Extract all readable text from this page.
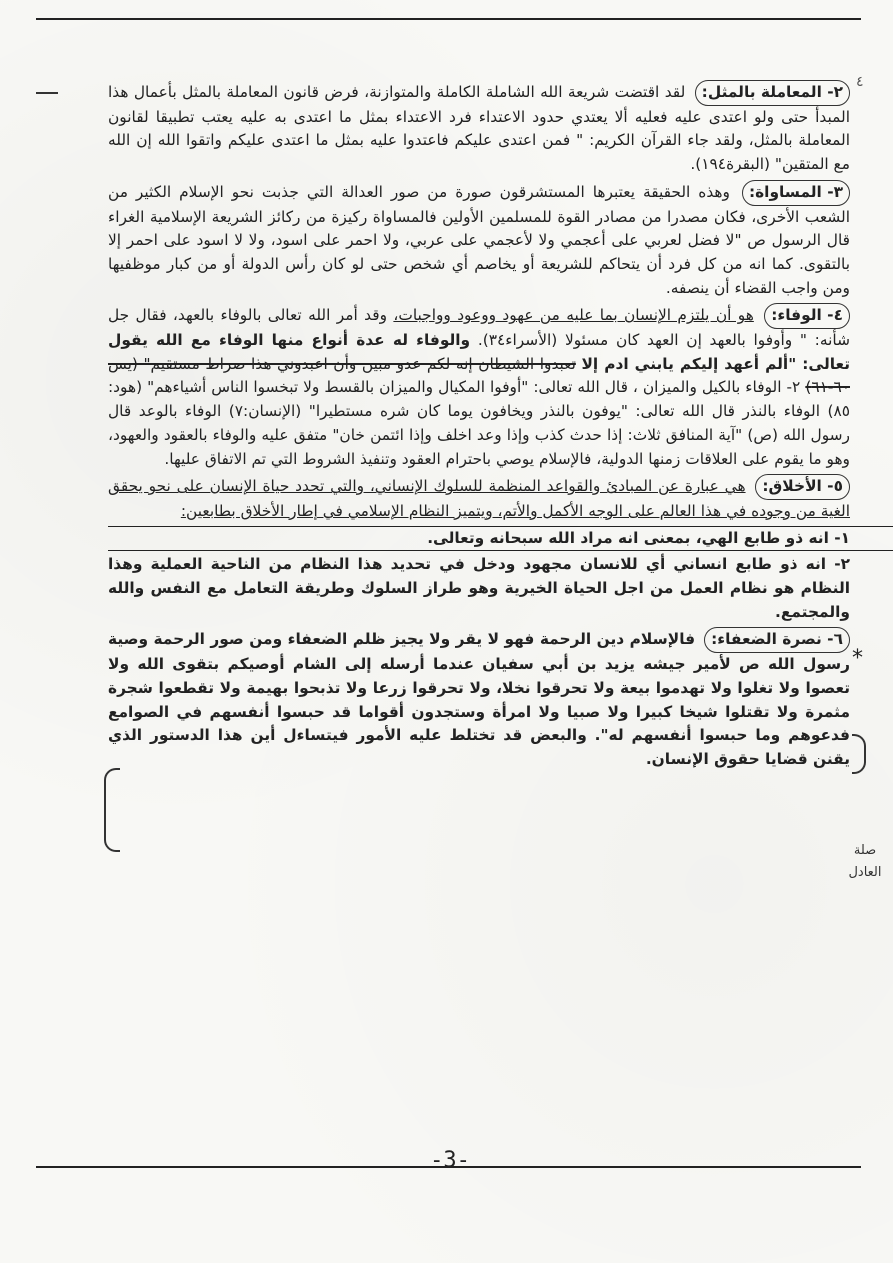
٤

٢- المعاملة بالمثل: لقد اقتضت شريعة الله الشاملة الكاملة والمتوازنة، فرض قانون المعاملة بالمثل بأعمال هذا المبدأ حتى ولو اعتدى عليه فعليه ألا يعتدي حدود الاعتداء فرد الاعتداء بمثل ما اعتدى به عليه يعتب تطبيقا لقانون المعاملة بالمثل، ولقد جاء القرآن الكريم: " فمن اعتدى عليكم فاعتدوا عليه بمثل ما اعتدى عليكم واتقوا الله إن الله مع المتقين" (البقرة١٩٤).

٣- المساواة: وهذه الحقيقة يعتبرها المستشرقون صورة من صور العدالة التي جذبت نحو الإسلام الكثير من الشعب الأخرى، فكان مصدرا من مصادر القوة للمسلمين الأولين فالمساواة ركيزة من ركائز الشريعة الإسلامية الغراء قال الرسول ص "لا فضل لعربي على أعجمي ولا لأعجمي على عربي، ولا احمر على اسود، ولا لا اسود على احمر إلا بالتقوى. كما انه من كل فرد أن يتحاكم للشريعة أو يخاصم أي شخص حتى لو كان رأس الدولة أو من كبار موظفيها ومن واجب القضاء أن ينصفه.

٤- الوفاء: هو أن يلتزم الإنسان بما عليه من عهود ووعود وواجبات، وقد أمر الله تعالى بالوفاء بالعهد، فقال جل شأنه: " وأوفوا بالعهد إن العهد كان مسئولا (الأسراء٣٤). والوفاء له عدة أنواع منها الوفاء مع الله يقول تعالى: "ألم أعهد إليكم يابني ادم إلا تعبدوا الشيطان إنه لكم عدو مبين وأن اعبدوني هذا صراط مستقيم" (يس ٦٠-٦١) ٢- الوفاء بالكيل والميزان ، قال الله تعالى: "أوفوا المكيال والميزان بالقسط ولا تبخسوا الناس أشياءهم" (هود: ٨٥) الوفاء بالنذر قال الله تعالى: "يوفون بالنذر ويخافون يوما كان شره مستطيرا" (الإنسان:٧) الوفاء بالوعد قال رسول الله (ص) "آية المنافق ثلاث: إذا حدث كذب وإذا وعد اخلف وإذا ائتمن خان" متفق عليه والوفاء بالعقود والعهود، وهو ما يقوم على العلاقات زمنها الدولية، فالإسلام يوصي باحترام العقود وتنفيذ الشروط التي تم الاتفاق عليها.

٥- الأخلاق: هي عبارة عن المبادئ والقواعد المنظمة للسلوك الإنساني، والتي تحدد حياة الإنسان على نحو يحقق الغية من وجوده في هذا العالم على الوجه الأكمل والأتم، ويتميز النظام الإسلامي في إطار الأخلاق بطابعين:
١- انه ذو طابع الهي، بمعنى انه مراد الله سبحانه وتعالى.
٢- انه ذو طابع انساني أي للانسان مجهود ودخل في تحديد هذا النظام من الناحية العملية وهذا النظام هو نظام العمل من اجل الحياة الخيرية وهو طراز السلوك وطريقة التعامل مع النفس والله والمجتمع.

٦- نصرة الضعفاء: فالإسلام دين الرحمة فهو لا يقر ولا يجيز ظلم الضعفاء ومن صور الرحمة وصية رسول الله ص لأمير جيشه يزيد بن أبي سفيان عندما أرسله إلى الشام أوصيكم بتقوى الله ولا تعصوا ولا تغلوا ولا تهدموا بيعة ولا تحرقوا نخلا، ولا تحرقوا زرعا ولا تذبحوا بهيمة ولا تقطعوا شجرة مثمرة ولا تقتلوا شيخا كبيرا ولا صبيا ولا امرأة وستجدون أقواما قد حبسوا أنفسهم في الصوامع فدعوهم وما حبسوا أنفسهم له". والبعض قد تختلط عليه الأمور فيتساءل أين هذا الدستور الذي يقنن قضايا حقوق الإنسان.

*
صلة العادل
-3-
